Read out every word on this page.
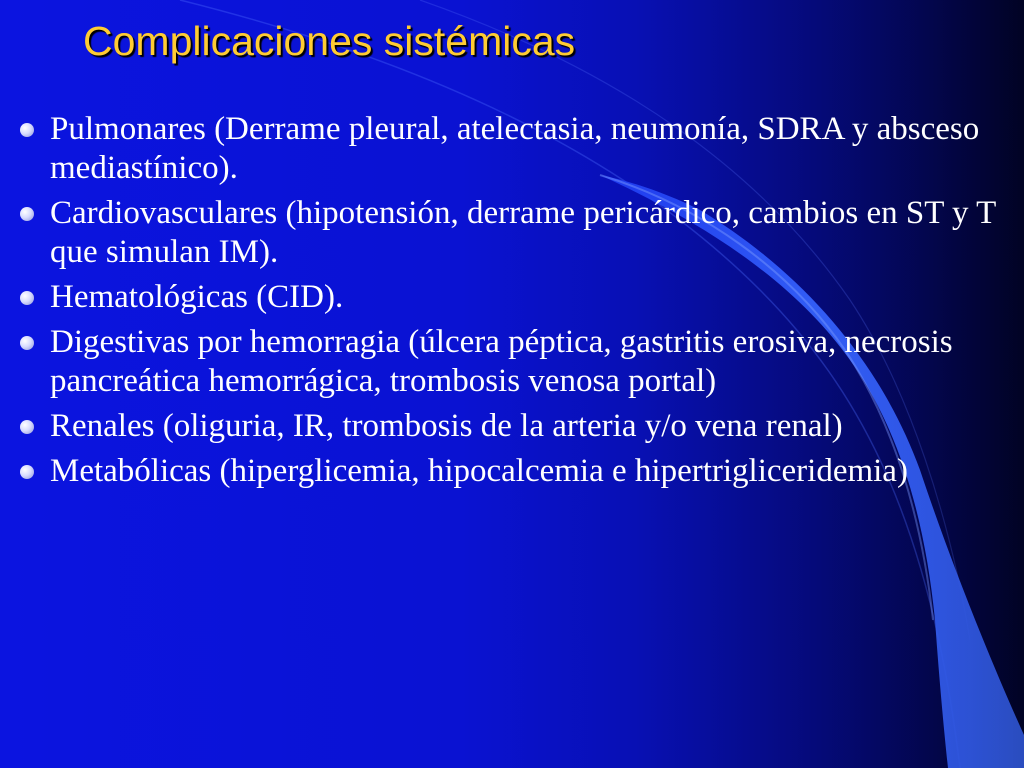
Complicaciones sistémicas
Pulmonares (Derrame pleural, atelectasia, neumonía, SDRA y absceso mediastínico).
Cardiovasculares (hipotensión, derrame pericárdico, cambios en ST y T que simulan IM).
Hematológicas (CID).
Digestivas por hemorragia (úlcera péptica, gastritis erosiva, necrosis pancreática hemorrágica, trombosis venosa portal)
Renales (oliguria, IR, trombosis de la arteria y/o vena renal)
Metabólicas (hiperglicemia, hipocalcemia e hipertrigliceridemia)
